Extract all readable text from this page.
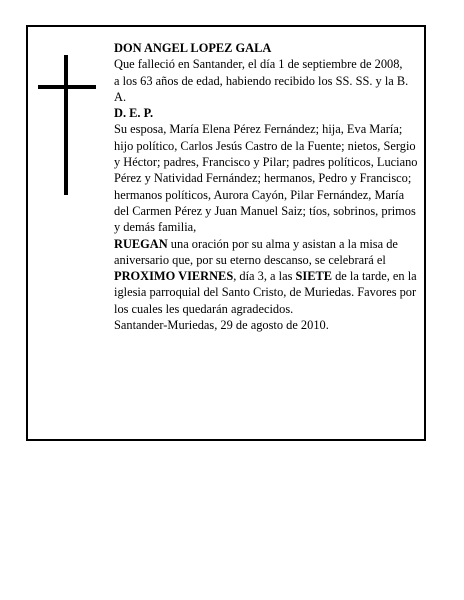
DON ANGEL LOPEZ GALA

Que falleció en Santander, el día 1 de septiembre de 2008,

a los 63 años de edad, habiendo recibido los SS. SS. y la B. A.

D. E. P.

Su esposa, María Elena Pérez Fernández; hija, Eva María; hijo político, Carlos Jesús Castro de la Fuente; nietos, Sergio y Héctor; padres, Francisco y Pilar; padres políticos, Luciano Pérez y Natividad Fernández; hermanos, Pedro y Francisco; hermanos políticos, Aurora Cayón, Pilar Fernández, María del Carmen Pérez y Juan Manuel Saiz; tíos, sobrinos, primos y demás familia,

RUEGAN una oración por su alma y asistan a la misa de aniversario que, por su eterno descanso, se celebrará el PROXIMO VIERNES, día 3, a las SIETE de la tarde, en la iglesia parroquial del Santo Cristo, de Muriedas. Favores por los cuales les quedarán agradecidos.

Santander-Muriedas, 29 de agosto de 2010.
